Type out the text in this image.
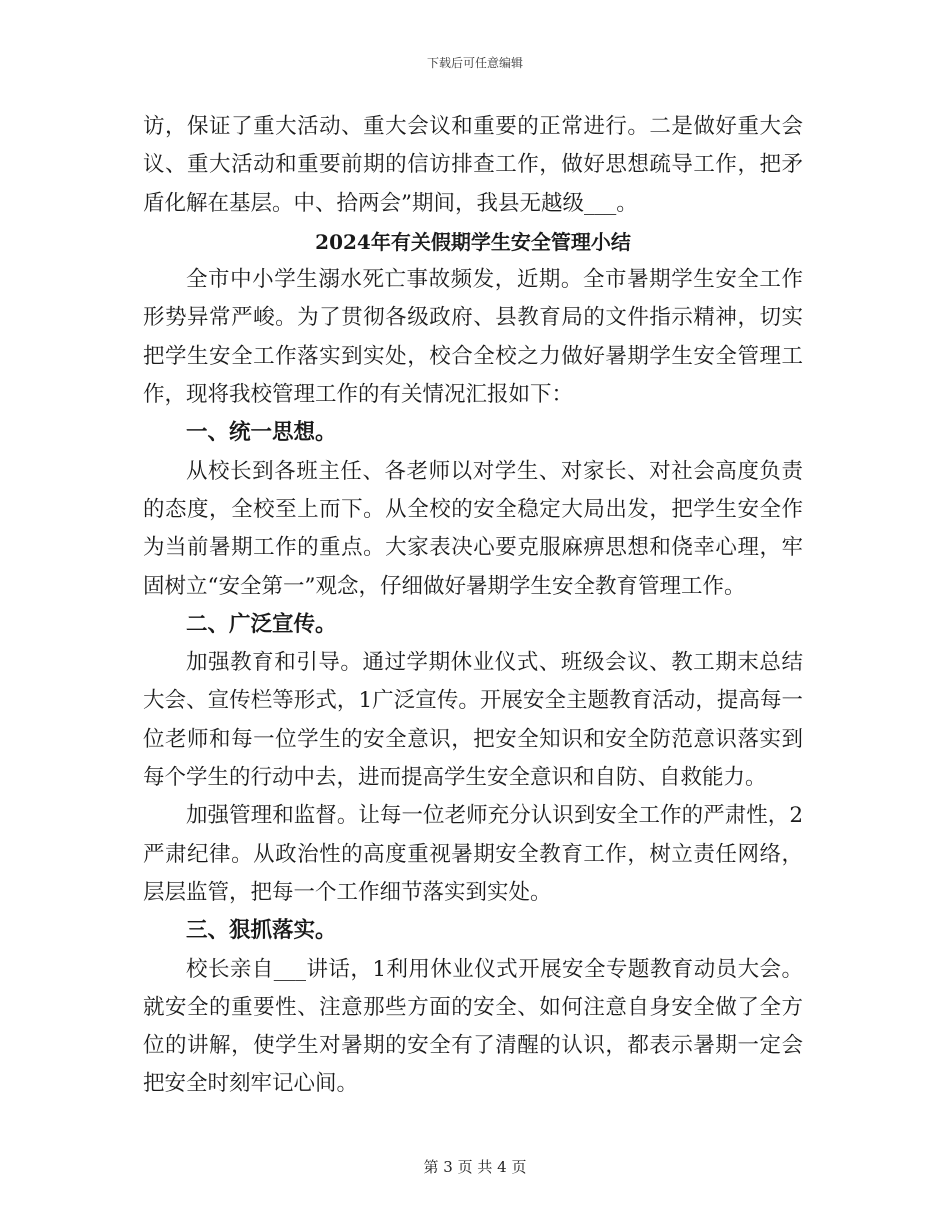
下载后可任意编辑

访，保证了重大活动、重大会议和重要的正常进行。二是做好重大会议、重大活动和重要前期的信访排查工作，做好思想疏导工作，把矛盾化解在基层。中、拾两会”期间，我县无越级___。

2024年有关假期学生安全管理小结

全市中小学生溺水死亡事故频发，近期。全市暑期学生安全工作形势异常严峻。为了贯彻各级政府、县教育局的文件指示精神，切实把学生安全工作落实到实处，校合全校之力做好暑期学生安全管理工作，现将我校管理工作的有关情况汇报如下：

一、统一思想。

从校长到各班主任、各老师以对学生、对家长、对社会高度负责的态度，全校至上而下。从全校的安全稳定大局出发，把学生安全作为当前暑期工作的重点。大家表决心要克服麻痹思想和侥幸心理，牢固树立“安全第一”观念，仔细做好暑期学生安全教育管理工作。

二、广泛宣传。

加强教育和引导。通过学期休业仪式、班级会议、教工期末总结大会、宣传栏等形式，1广泛宣传。开展安全主题教育活动，提高每一位老师和每一位学生的安全意识，把安全知识和安全防范意识落实到每个学生的行动中去，进而提高学生安全意识和自防、自救能力。

加强管理和监督。让每一位老师充分认识到安全工作的严肃性，2严肃纪律。从政治性的高度重视暑期安全教育工作，树立责任网络，层层监管，把每一个工作细节落实到实处。

三、狠抓落实。

校长亲自___讲话，1利用休业仪式开展安全专题教育动员大会。就安全的重要性、注意那些方面的安全、如何注意自身安全做了全方位的讲解，使学生对暑期的安全有了清醒的认识，都表示暑期一定会把安全时刻牢记心间。

第 3 页 共 4 页
